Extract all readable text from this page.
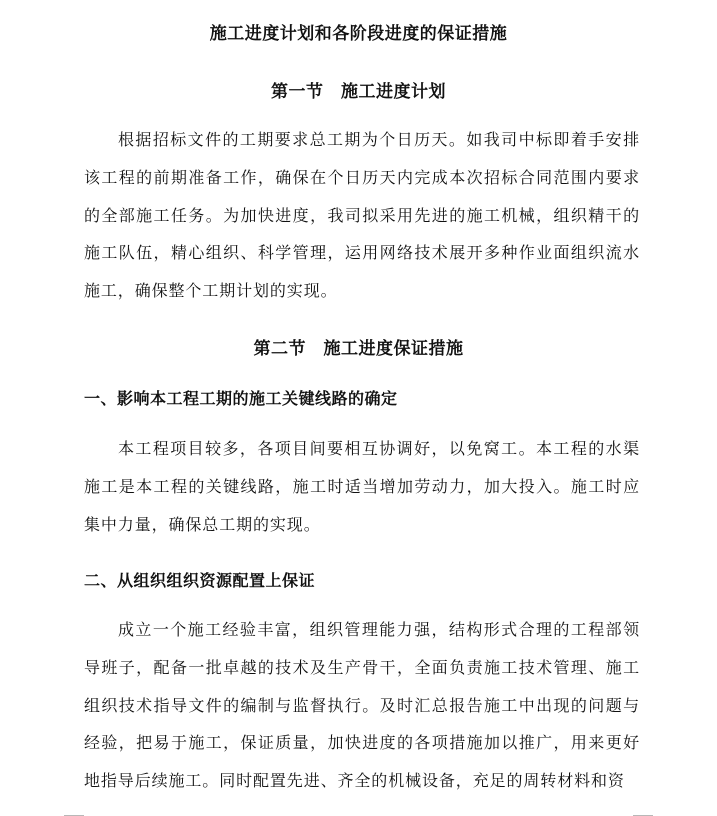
施工进度计划和各阶段进度的保证措施
第一节　施工进度计划

根据招标文件的工期要求总工期为个日历天。如我司中标即着手安排该工程的前期准备工作，确保在个日历天内完成本次招标合同范围内要求的全部施工任务。为加快进度，我司拟采用先进的施工机械，组织精干的施工队伍，精心组织、科学管理，运用网络技术展开多种作业面组织流水施工，确保整个工期计划的实现。

第二节　施工进度保证措施
一、影响本工程工期的施工关键线路的确定

本工程项目较多，各项目间要相互协调好，以免窝工。本工程的水渠施工是本工程的关键线路，施工时适当增加劳动力，加大投入。施工时应集中力量，确保总工期的实现。

二、从组织组织资源配置上保证

成立一个施工经验丰富，组织管理能力强，结构形式合理的工程部领导班子，配备一批卓越的技术及生产骨干，全面负责施工技术管理、施工组织技术指导文件的编制与监督执行。及时汇总报告施工中出现的问题与经验，把易于施工，保证质量，加快进度的各项措施加以推广，用来更好地指导后续施工。同时配置先进、齐全的机械设备，充足的周转材料和资
